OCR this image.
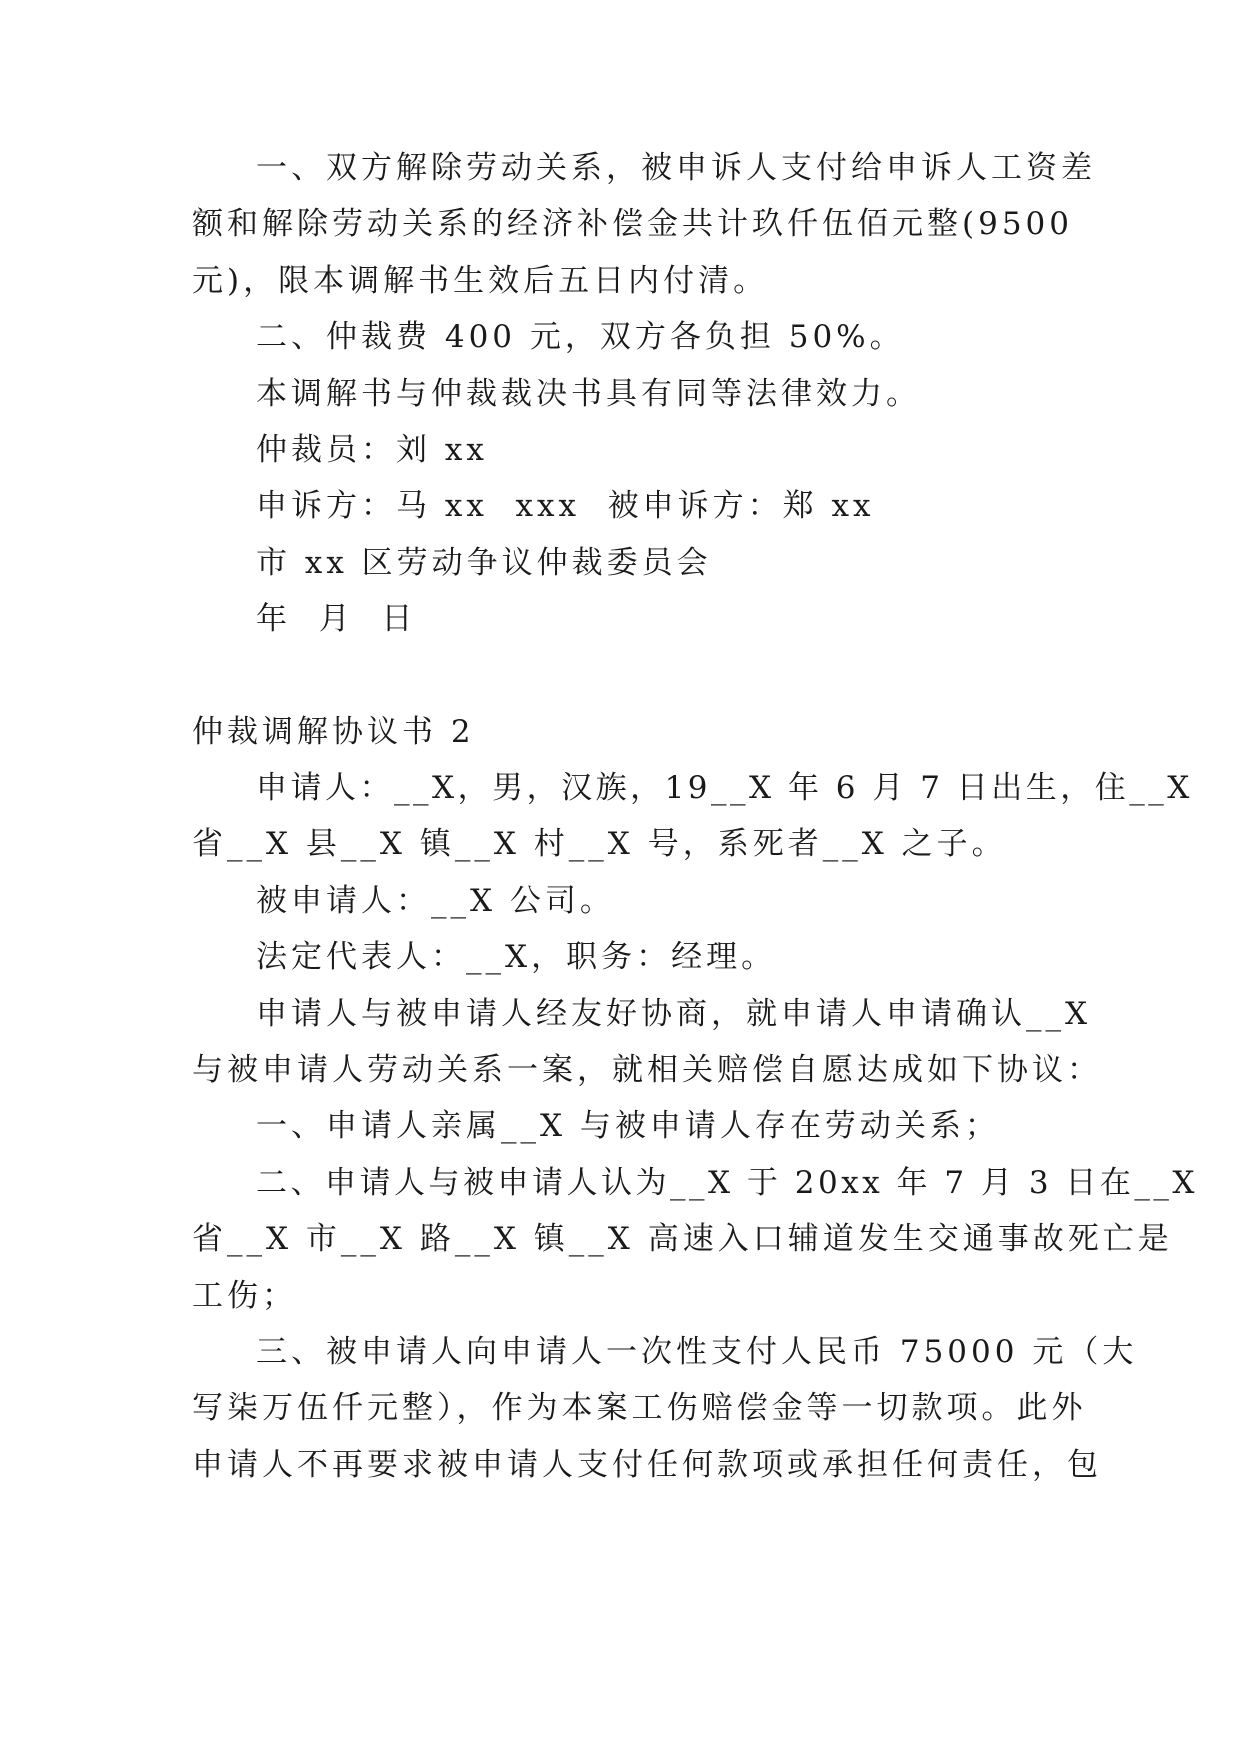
一、双方解除劳动关系，被申诉人支付给申诉人工资差
额和解除劳动关系的经济补偿金共计玖仟伍佰元整(9500
元)，限本调解书生效后五日内付清。
二、仲裁费 400 元，双方各负担 50%。
本调解书与仲裁裁决书具有同等法律效力。
仲裁员：刘 xx
申诉方：马 xx  xxx  被申诉方：郑 xx
市 xx 区劳动争议仲裁委员会
年  月  日
仲裁调解协议书 2
申请人：__X，男，汉族，19__X 年 6 月 7 日出生，住__X
省__X 县__X 镇__X 村__X 号，系死者__X 之子。
被申请人：__X 公司。
法定代表人：__X，职务：经理。
申请人与被申请人经友好协商，就申请人申请确认__X
与被申请人劳动关系一案，就相关赔偿自愿达成如下协议：
一、申请人亲属__X 与被申请人存在劳动关系；
二、申请人与被申请人认为__X 于 20xx 年 7 月 3 日在__X
省__X 市__X 路__X 镇__X 高速入口辅道发生交通事故死亡是
工伤；
三、被申请人向申请人一次性支付人民币 75000 元（大
写柒万伍仟元整），作为本案工伤赔偿金等一切款项。此外
申请人不再要求被申请人支付任何款项或承担任何责任，包
